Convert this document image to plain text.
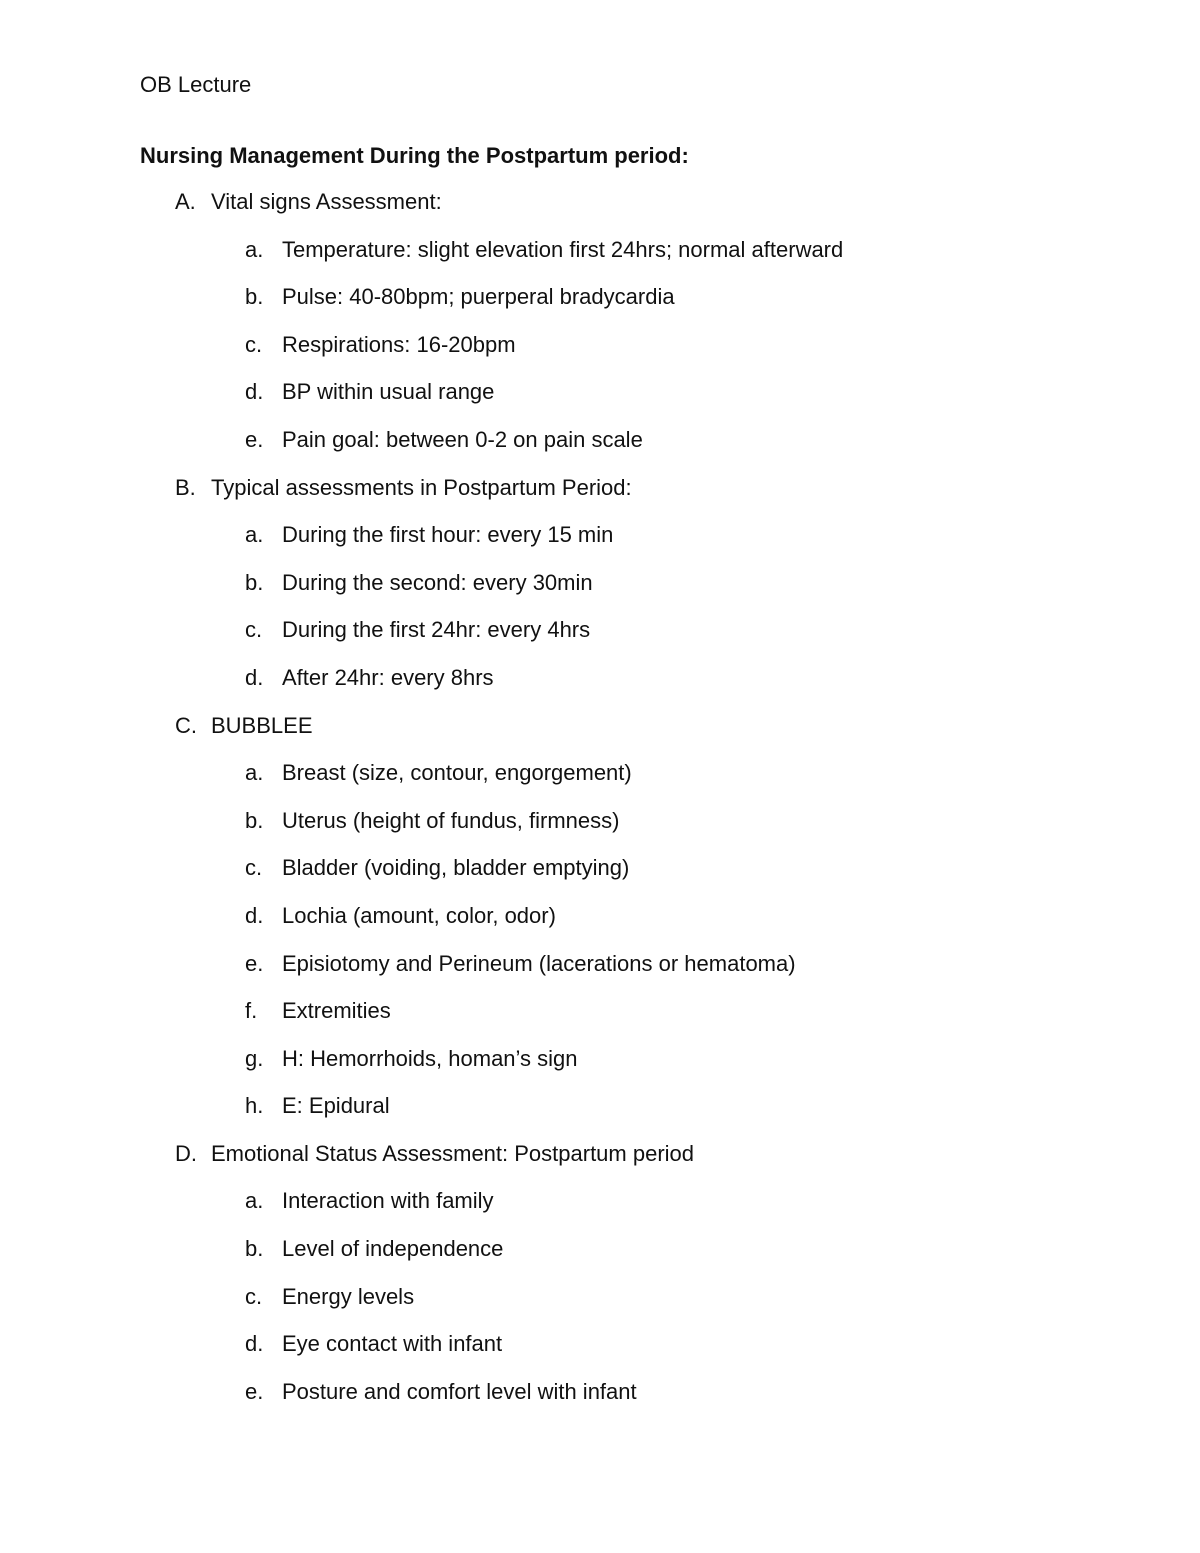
OB Lecture
Nursing Management During the Postpartum period:
A. Vital signs Assessment:
a. Temperature: slight elevation first 24hrs; normal afterward
b. Pulse: 40-80bpm; puerperal bradycardia
c. Respirations: 16-20bpm
d. BP within usual range
e. Pain goal: between 0-2 on pain scale
B. Typical assessments in Postpartum Period:
a. During the first hour: every 15 min
b. During the second: every 30min
c. During the first 24hr: every 4hrs
d. After 24hr: every 8hrs
C. BUBBLEE
a. Breast (size, contour, engorgement)
b. Uterus (height of fundus, firmness)
c. Bladder (voiding, bladder emptying)
d. Lochia (amount, color, odor)
e. Episiotomy and Perineum (lacerations or hematoma)
f. Extremities
g. H: Hemorrhoids, homan’s sign
h. E: Epidural
D. Emotional Status Assessment: Postpartum period
a. Interaction with family
b. Level of independence
c. Energy levels
d. Eye contact with infant
e. Posture and comfort level with infant
